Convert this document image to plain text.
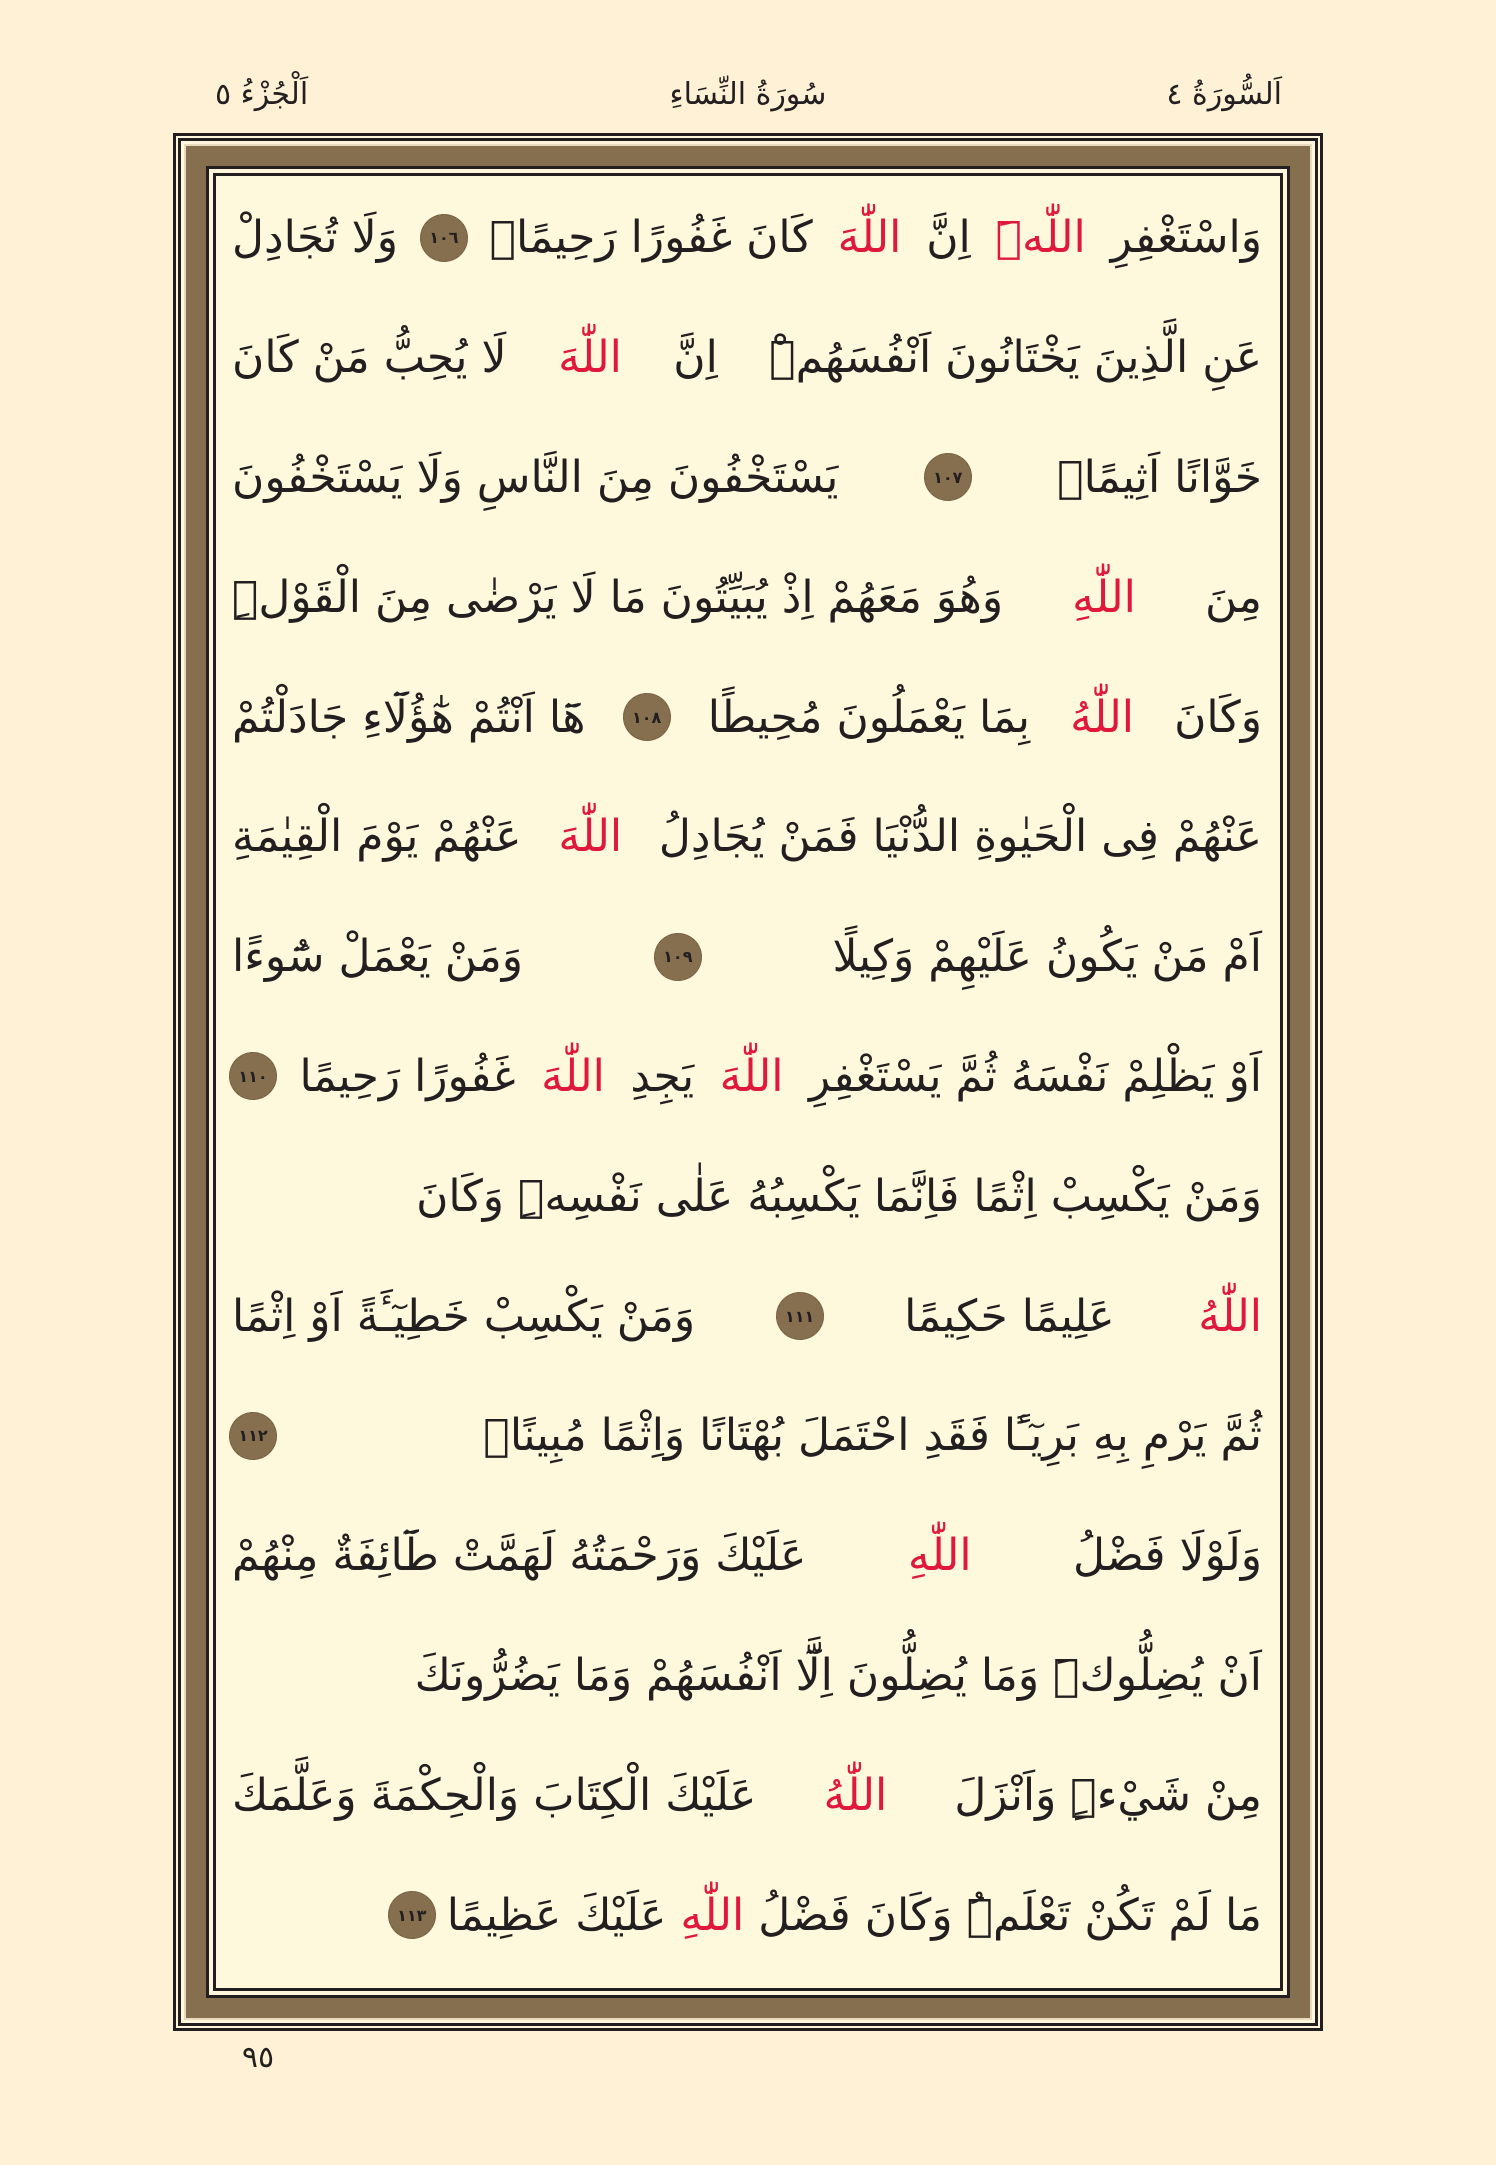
اَلْجُزْءُ ٥	سُورَةُ النِّسَاءِ	اَلسُّورَةُ ٤
وَاسْتَغْفِرِ
اللّٰهَۜ
اِنَّ
اللّٰهَ
كَانَ غَفُورًا رَحِيمًاۚ
١٠٦
وَلَا تُجَادِلْ
عَنِ الَّذِينَ يَخْتَانُونَ اَنْفُسَهُمْۜ
اِنَّ
اللّٰهَ
لَا يُحِبُّ مَنْ كَانَ
خَوَّانًا اَثِيمًاۚ
١٠٧
يَسْتَخْفُونَ مِنَ النَّاسِ وَلَا يَسْتَخْفُونَ
مِنَ
اللّٰهِ
وَهُوَ مَعَهُمْ اِذْ يُبَيِّتُونَ مَا لَا يَرْضٰى مِنَ الْقَوْلِۜ
وَكَانَ
اللّٰهُ
بِمَا يَعْمَلُونَ مُحِيطًا
١٠٨
هَٓا اَنْتُمْ هٰٓؤُلَٓاءِ جَادَلْتُمْ
عَنْهُمْ فِى الْحَيٰوةِ الدُّنْيَا فَمَنْ يُجَادِلُ
اللّٰهَ
عَنْهُمْ يَوْمَ الْقِيٰمَةِ
اَمْ مَنْ يَكُونُ عَلَيْهِمْ وَكِيلًا
١٠٩
وَمَنْ يَعْمَلْ سُٓوءًا
اَوْ يَظْلِمْ نَفْسَهُ ثُمَّ يَسْتَغْفِرِ
اللّٰهَ
يَجِدِ
اللّٰهَ
غَفُورًا رَحِيمًا
١١٠
وَمَنْ يَكْسِبْ اِثْمًا فَاِنَّمَا يَكْسِبُهُ عَلٰى نَفْسِهِۜ وَكَانَ
اللّٰهُ
عَلِيمًا حَكِيمًا
١١١
وَمَنْ يَكْسِبْ خَطِيٓـَٔةً اَوْ اِثْمًا
ثُمَّ يَرْمِ بِهِ بَرِيٓـًٔا فَقَدِ احْتَمَلَ بُهْتَانًا وَاِثْمًا مُبِينًاۧ
١١٢
وَلَوْلَا فَضْلُ
اللّٰهِ
عَلَيْكَ وَرَحْمَتُهُ لَهَمَّتْ طَٓائِفَةٌ مِنْهُمْ
اَنْ يُضِلُّوكَۜ وَمَا يُضِلُّونَ اِلَّٓا اَنْفُسَهُمْ وَمَا يَضُرُّونَكَ
مِنْ شَيْءٍۜ وَاَنْزَلَ
اللّٰهُ
عَلَيْكَ الْكِتَابَ وَالْحِكْمَةَ وَعَلَّمَكَ
مَا لَمْ تَكُنْ تَعْلَمُۜ وَكَانَ فَضْلُ
اللّٰهِ
عَلَيْكَ عَظِيمًا
١١٣
٩٥
